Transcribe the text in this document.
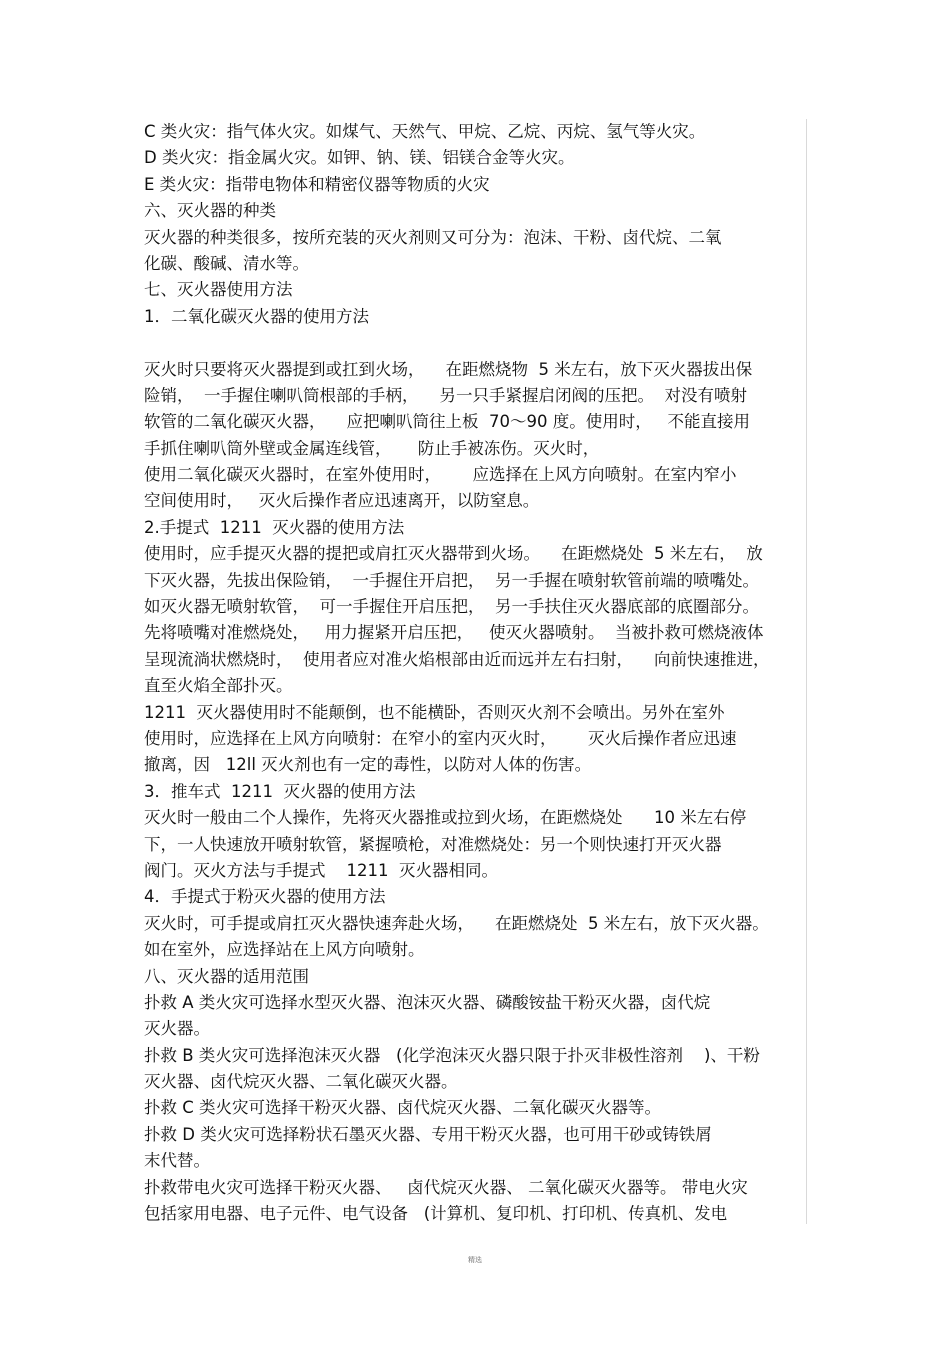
C 类火灾：指气体火灾。如煤气、天然气、甲烷、乙烷、丙烷、氢气等火灾。
D 类火灾：指金属火灾。如钾、钠、镁、铝镁合金等火灾。
E 类火灾：指带电物体和精密仪器等物质的火灾
六、灭火器的种类
灭火器的种类很多，按所充装的灭火剂则又可分为：泡沫、干粉、卤代烷、二氧
化碳、酸碱、清水等。
七、灭火器使用方法
1．二氧化碳灭火器的使用方法
灭火时只要将灭火器提到或扛到火场，    在距燃烧物  5 米左右，放下灭火器拔出保
险销，  一手握住喇叭筒根部的手柄，    另一只手紧握启闭阀的压把。  对没有喷射
软管的二氧化碳灭火器，    应把喇叭筒往上板  70～90 度。使用时，   不能直接用
手抓住喇叭筒外壁或金属连线管，     防止手被冻伤。灭火时，
使用二氧化碳灭火器时，在室外使用时，      应选择在上风方向喷射。在室内窄小
空间使用时，   灭火后操作者应迅速离开，以防窒息。
2.手提式  1211  灭火器的使用方法
使用时，应手提灭火器的提把或肩扛灭火器带到火场。    在距燃烧处  5 米左右，  放
下灭火器，先拔出保险销，  一手握住开启把，  另一手握在喷射软管前端的喷嘴处。
如灭火器无喷射软管，  可一手握住开启压把，  另一手扶住灭火器底部的底圈部分。
先将喷嘴对准燃烧处，   用力握紧开启压把，   使灭火器喷射。  当被扑救可燃烧液体
呈现流淌状燃烧时，  使用者应对准火焰根部由近而远并左右扫射，    向前快速推进，
直至火焰全部扑灭。
1211  灭火器使用时不能颠倒，也不能横卧，否则灭火剂不会喷出。另外在室外
使用时，应选择在上风方向喷射：在窄小的室内灭火时，      灭火后操作者应迅速
撤离，因   12ll 灭火剂也有一定的毒性，以防对人体的伤害。
3．推车式  1211  灭火器的使用方法
灭火时一般由二个人操作，先将灭火器推或拉到火场，在距燃烧处      10 米左右停
下，一人快速放开喷射软管，紧握喷枪，对准燃烧处：另一个则快速打开灭火器
阀门。灭火方法与手提式    1211  灭火器相同。
4．手提式于粉灭火器的使用方法
灭火时，可手提或肩扛灭火器快速奔赴火场，    在距燃烧处  5 米左右，放下灭火器。
如在室外，应选择站在上风方向喷射。
八、灭火器的适用范围
扑救 A 类火灾可选择水型灭火器、泡沫灭火器、磷酸铵盐干粉灭火器，卤代烷
灭火器。
扑救 B 类火灾可选择泡沫灭火器   (化学泡沫灭火器只限于扑灭非极性溶剂    )、干粉
灭火器、卤代烷灭火器、二氧化碳灭火器。
扑救 C 类火灾可选择干粉灭火器、卤代烷灭火器、二氧化碳灭火器等。
扑救 D 类火灾可选择粉状石墨灭火器、专用干粉灭火器，也可用干砂或铸铁屑
末代替。
扑救带电火灾可选择干粉灭火器、   卤代烷灭火器、 二氧化碳灭火器等。 带电火灾
包括家用电器、电子元件、电气设备   (计算机、复印机、打印机、传真机、发电
精选
